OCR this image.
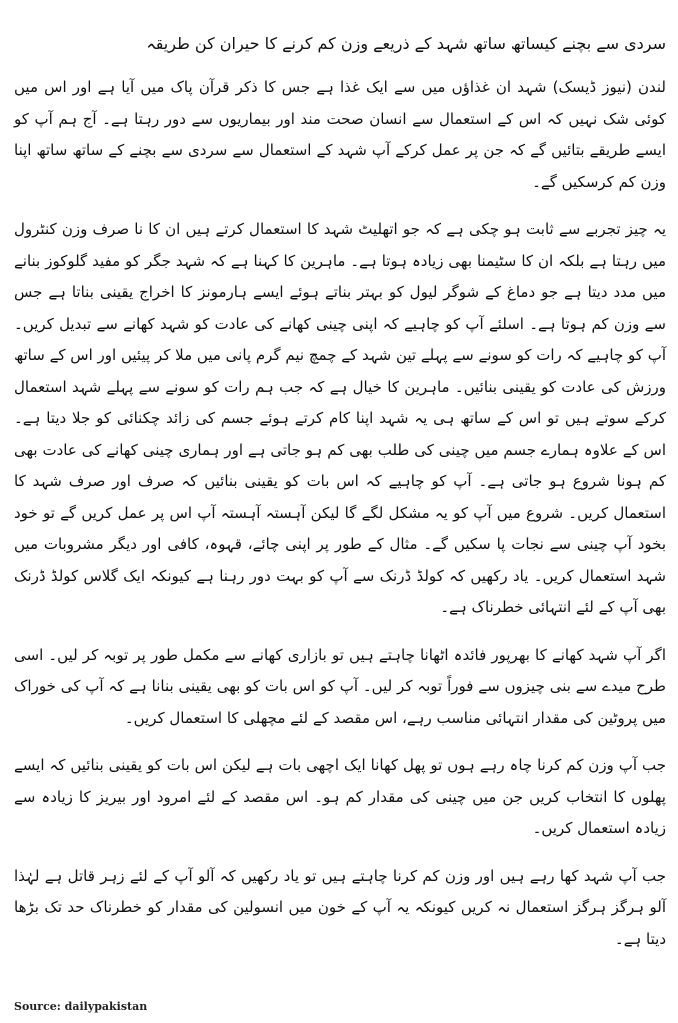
سردی سے بچنے کیساتھ ساتھ شہد کے ذریعے وزن کم کرنے کا حیران کن طریقہ

لندن (نیوز ڈیسک) شہد ان غذاؤں میں سے ایک غذا ہے جس کا ذکر قرآن پاک میں آیا ہے اور اس میں کوئی شک نہیں کہ اس کے استعمال سے انسان صحت مند اور بیماریوں سے دور رہتا ہے۔ آج ہم آپ کو ایسے طریقے بتائیں گے کہ جن پر عمل کرکے آپ شہد کے استعمال سے سردی سے بچنے کے ساتھ ساتھ اپنا وزن کم کرسکیں گے۔

یہ چیز تجربے سے ثابت ہو چکی ہے کہ جو اتھلیٹ شہد کا استعمال کرتے ہیں ان کا نا صرف وزن کنٹرول میں رہتا ہے بلکہ ان کا سٹیمنا بھی زیادہ ہوتا ہے۔ ماہرین کا کہنا ہے کہ شہد جگر کو مفید گلوکوز بنانے میں مدد دیتا ہے جو دماغ کے شوگر لیول کو بہتر بناتے ہوئے ایسے ہارمونز کا اخراج یقینی بناتا ہے جس سے وزن کم ہوتا ہے۔ اسلئے آپ کو چاہیے کہ اپنی چینی کھانے کی عادت کو شہد کھانے سے تبدیل کریں۔ آپ کو چاہیے کہ رات کو سونے سے پہلے تین شہد کے چمچ نیم گرم پانی میں ملا کر پیئیں اور اس کے ساتھ ورزش کی عادت کو یقینی بنائیں۔ ماہرین کا خیال ہے کہ جب ہم رات کو سونے سے پہلے شہد استعمال کرکے سوتے ہیں تو اس کے ساتھ ہی یہ شہد اپنا کام کرتے ہوئے جسم کی زائد چکنائی کو جلا دیتا ہے۔ اس کے علاوہ ہمارے جسم میں چینی کی طلب بھی کم ہو جاتی ہے اور ہماری چینی کھانے کی عادت بھی کم ہونا شروع ہو جاتی ہے۔ آپ کو چاہیے کہ اس بات کو یقینی بنائیں کہ صرف اور صرف شہد کا استعمال کریں۔ شروع میں آپ کو یہ مشکل لگے گا لیکن آہستہ آہستہ آپ اس پر عمل کریں گے تو خود بخود آپ چینی سے نجات پا سکیں گے۔ مثال کے طور پر اپنی چائے، قہوہ، کافی اور دیگر مشروبات میں شہد استعمال کریں۔ یاد رکھیں کہ کولڈ ڈرنک سے آپ کو بہت دور رہنا ہے کیونکہ ایک گلاس کولڈ ڈرنک بھی آپ کے لئے انتہائی خطرناک ہے۔

اگر آپ شہد کھانے کا بھرپور فائدہ اٹھانا چاہتے ہیں تو بازاری کھانے سے مکمل طور پر توبہ کر لیں۔ اسی طرح میدے سے بنی چیزوں سے فوراً توبہ کر لیں۔ آپ کو اس بات کو بھی یقینی بنانا ہے کہ آپ کی خوراک میں پروٹین کی مقدار انتہائی مناسب رہے، اس مقصد کے لئے مچھلی کا استعمال کریں۔

جب آپ وزن کم کرنا چاہ رہے ہوں تو پھل کھانا ایک اچھی بات ہے لیکن اس بات کو یقینی بنائیں کہ ایسے پھلوں کا انتخاب کریں جن میں چینی کی مقدار کم ہو۔ اس مقصد کے لئے امرود اور بیریز کا زیادہ سے زیادہ استعمال کریں۔

جب آپ شہد کھا رہے ہیں اور وزن کم کرنا چاہتے ہیں تو یاد رکھیں کہ آلو آپ کے لئے زہر قاتل ہے لہٰذا آلو ہرگز ہرگز استعمال نہ کریں کیونکہ یہ آپ کے خون میں انسولین کی مقدار کو خطرناک حد تک بڑھا دیتا ہے۔

Source: dailypakistan
